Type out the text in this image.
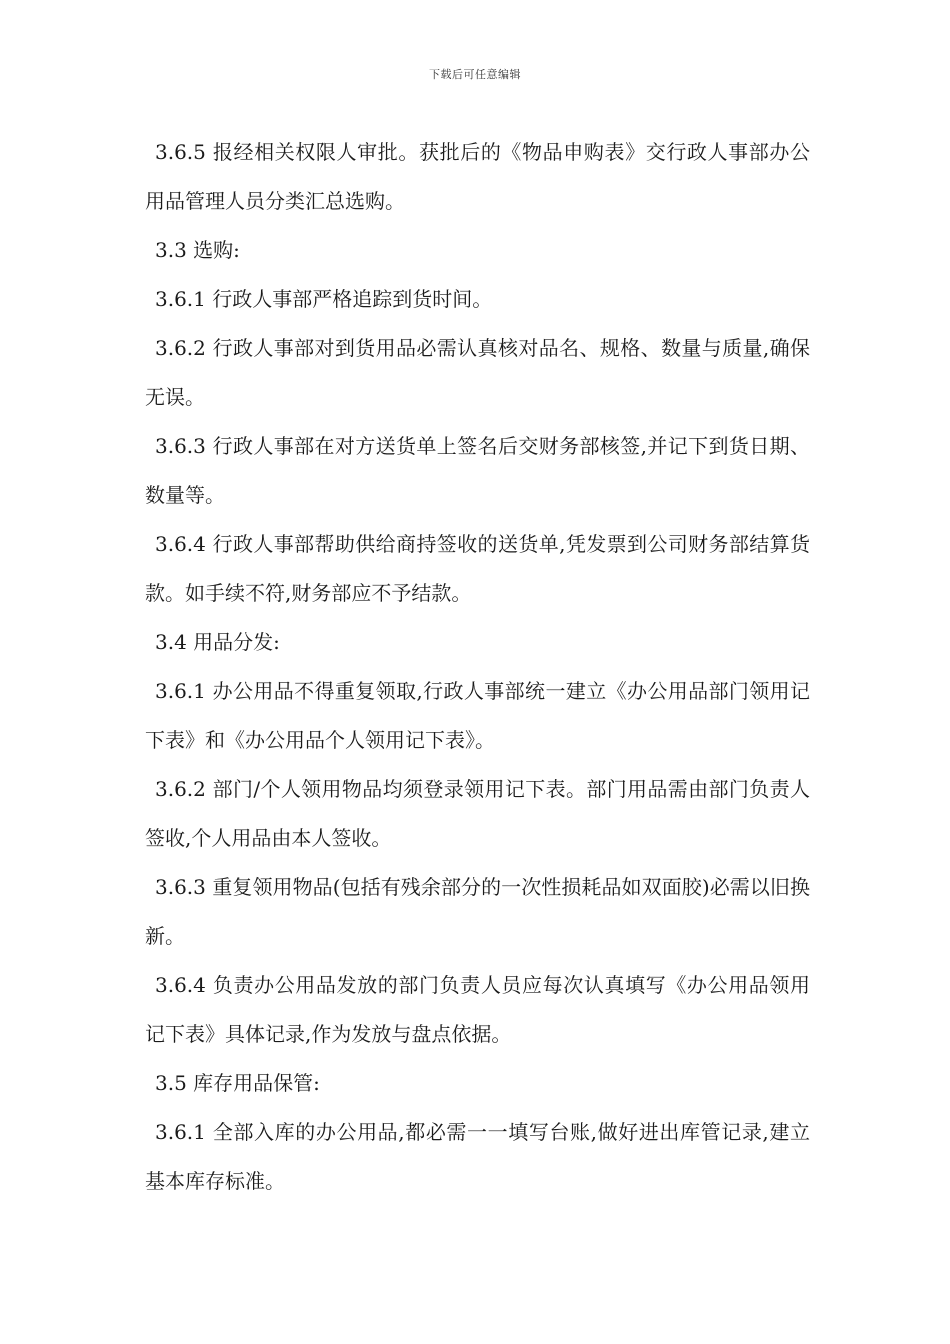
下载后可任意编辑

3.6.5 报经相关权限人审批。获批后的《物品申购表》交行政人事部办公用品管理人员分类汇总选购。

3.3 选购:

3.6.1 行政人事部严格追踪到货时间。

3.6.2 行政人事部对到货用品必需认真核对品名、规格、数量与质量,确保无误。

3.6.3 行政人事部在对方送货单上签名后交财务部核签,并记下到货日期、数量等。

3.6.4 行政人事部帮助供给商持签收的送货单,凭发票到公司财务部结算货款。如手续不符,财务部应不予结款。

3.4 用品分发:

3.6.1 办公用品不得重复领取,行政人事部统一建立《办公用品部门领用记下表》和《办公用品个人领用记下表》。

3.6.2 部门/个人领用物品均须登录领用记下表。部门用品需由部门负责人签收,个人用品由本人签收。

3.6.3 重复领用物品(包括有残余部分的一次性损耗品如双面胶)必需以旧换新。

3.6.4 负责办公用品发放的部门负责人员应每次认真填写《办公用品领用记下表》具体记录,作为发放与盘点依据。

3.5 库存用品保管:

3.6.1 全部入库的办公用品,都必需一一填写台账,做好进出库管记录,建立基本库存标准。
